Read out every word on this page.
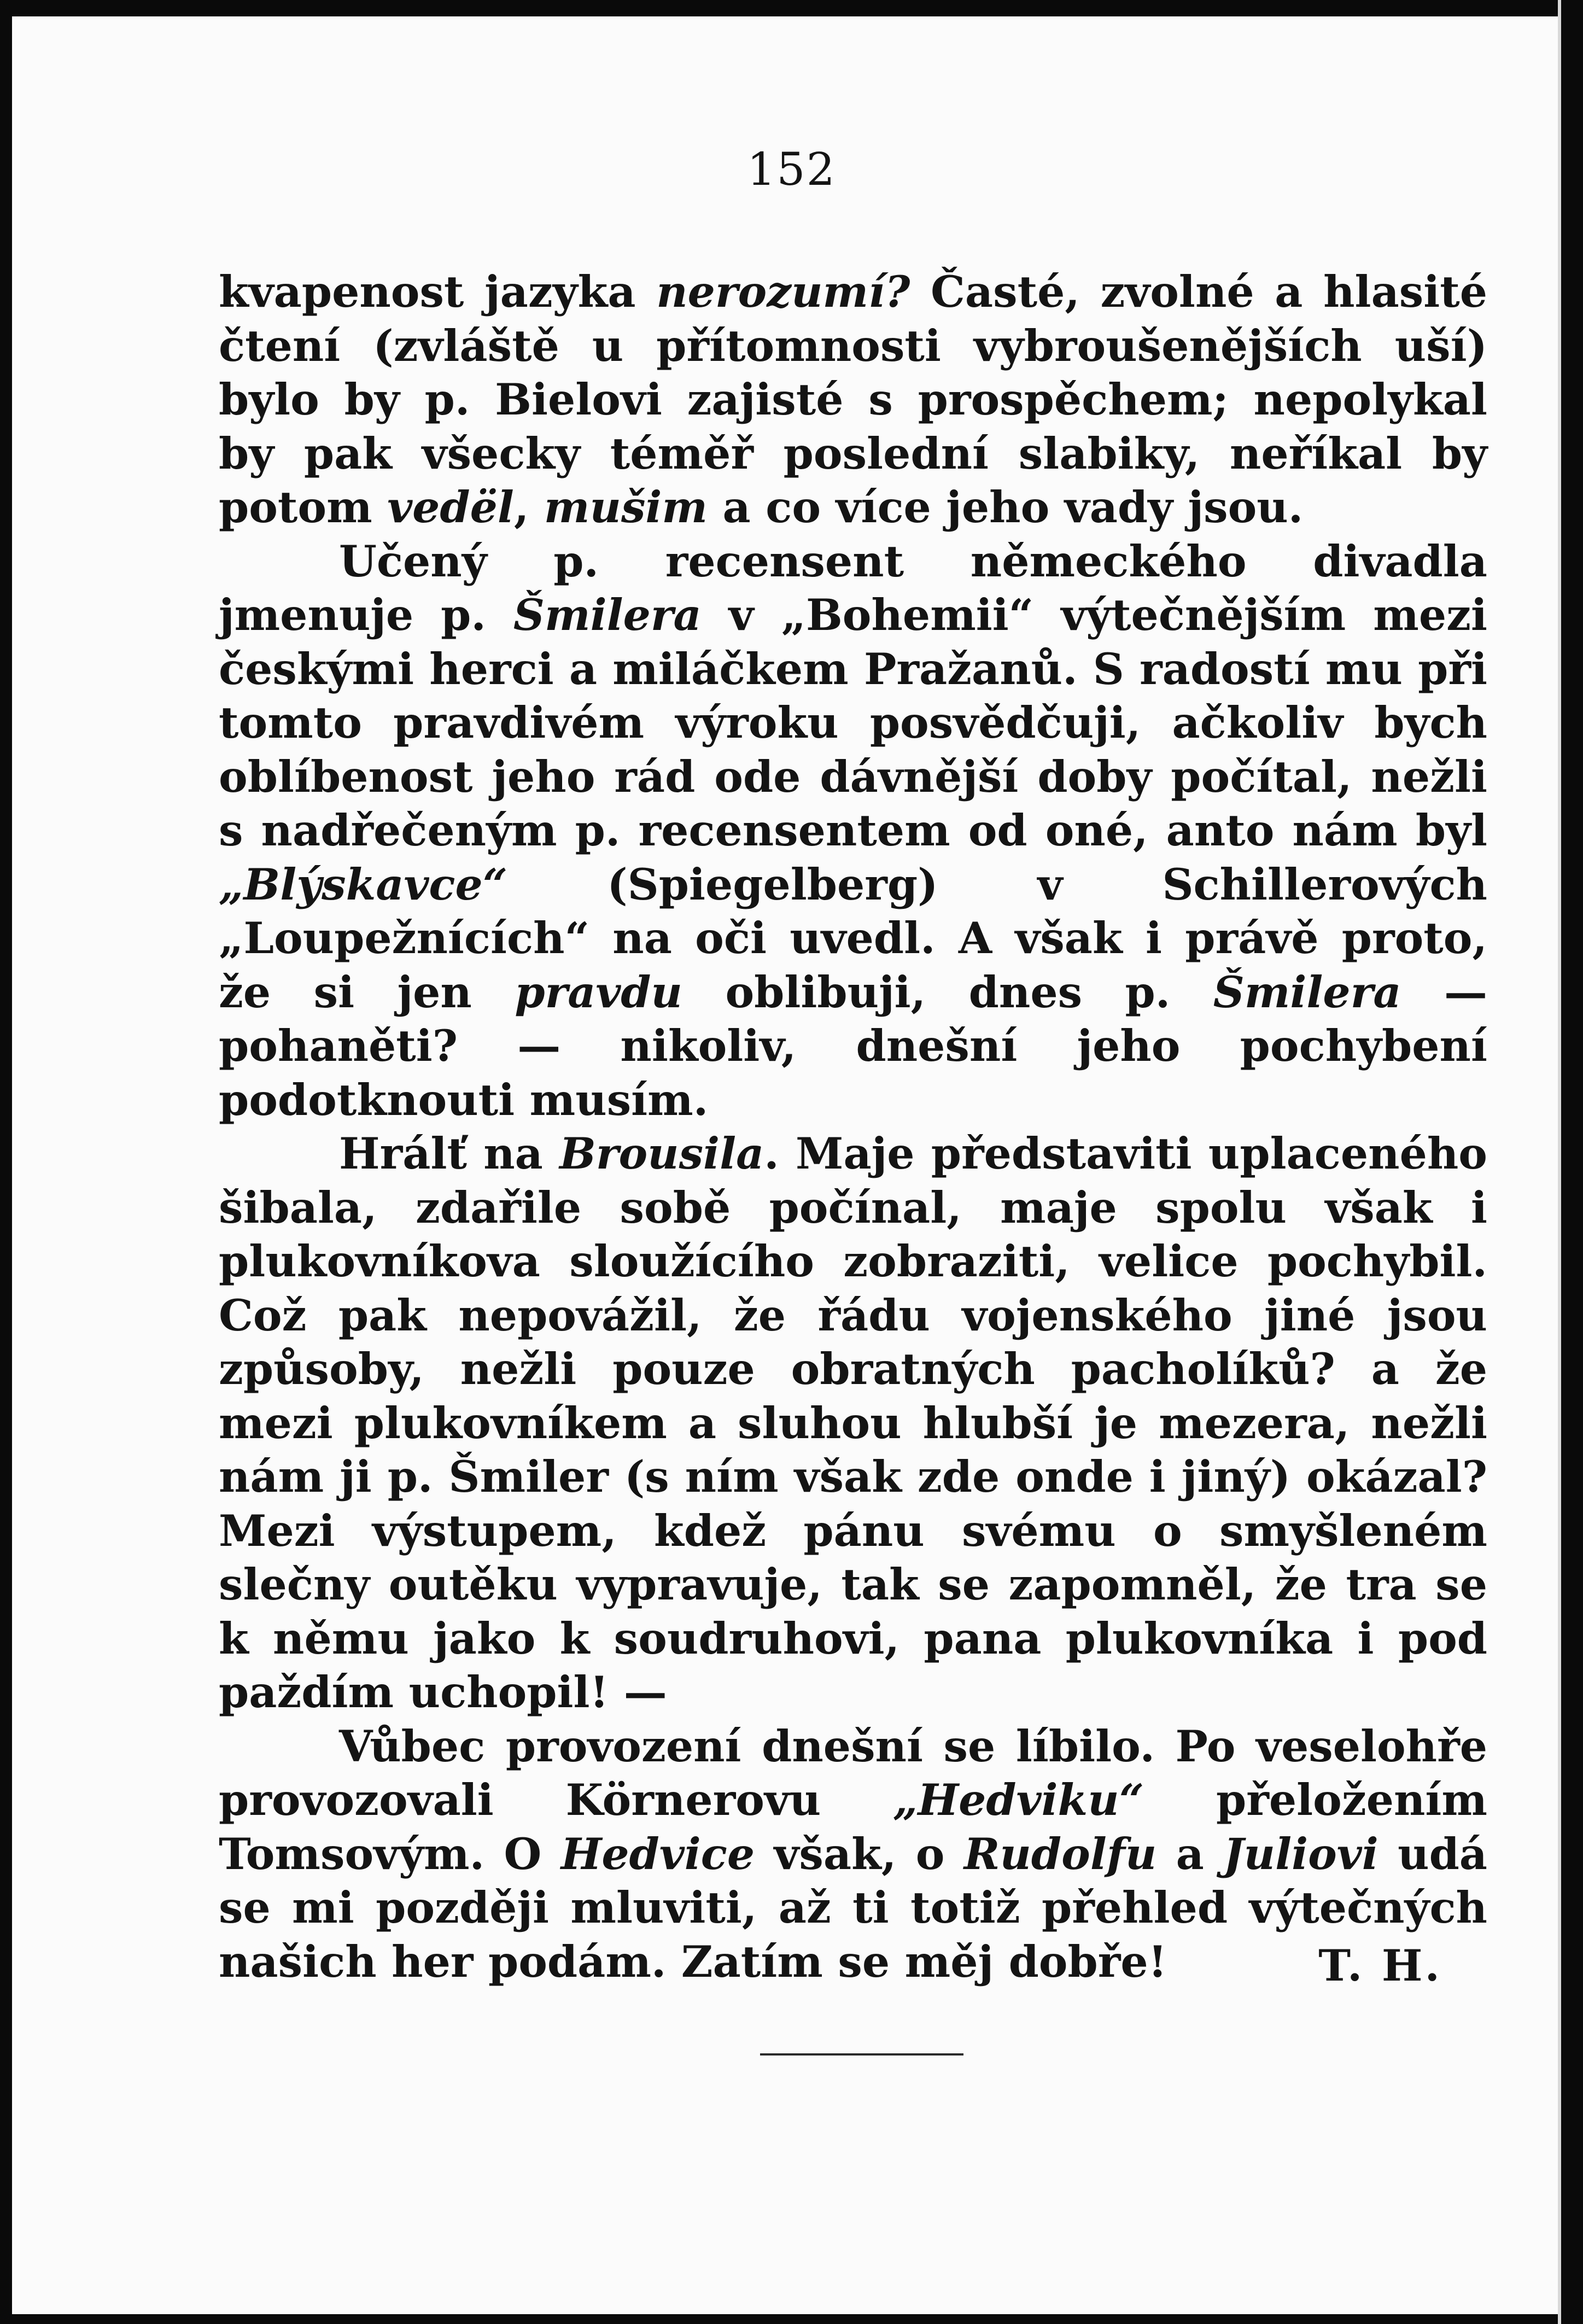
152

kvapenost jazyka nerozumí? Časté, zvolné a hlasité čtení (zvláště u přítomnosti vybroušenějších uší) bylo by p. Bielovi zajisté s prospěchem; nepolykal by pak všecky téměř poslední slabiky, neříkal by potom vedël, mušim a co více jeho vady jsou.

Učený p. recensent německého divadla jmenuje p. Šmilera v „Bohemii“ výtečnějším mezi českými herci a miláčkem Pražanů. S radostí mu při tomto pravdivém výroku posvědčuji, ačkoliv bych oblíbenost jeho rád ode dávnější doby počítal, nežli s nadřečeným p. recensentem od oné, anto nám byl „Blýskavce“ (Spiegelberg) v Schillerových „Loupežnících“ na oči uvedl. A však i právě proto, že si jen pravdu oblibuji, dnes p. Šmilera — pohaněti? — nikoliv, dnešní jeho pochybení podotknouti musím.

Hrálť na Brousila. Maje představiti uplaceného šibala, zdařile sobě počínal, maje spolu však i plukovníkova sloužícího zobraziti, velice pochybil. Což pak nepovážil, že řádu vojenského jiné jsou způsoby, nežli pouze obratných pacholíků? a že mezi plukovníkem a sluhou hlubší je mezera, nežli nám ji p. Šmiler (s ním však zde onde i jiný) okázal? Mezi výstupem, kdež pánu svému o smyšleném slečny outěku vypravuje, tak se zapomněl, že tra se k němu jako k soudruhovi, pana plukovníka i pod paždím uchopil! —

Vůbec provození dnešní se líbilo. Po veselohře provozovali Körnerovu „Hedviku“ přeložením Tomsovým. O Hedvice však, o Rudolfu a Juliovi udá se mi později mluviti, až ti totiž přehled výtečných našich her podám. Zatím se měj dobře!	T. H.
